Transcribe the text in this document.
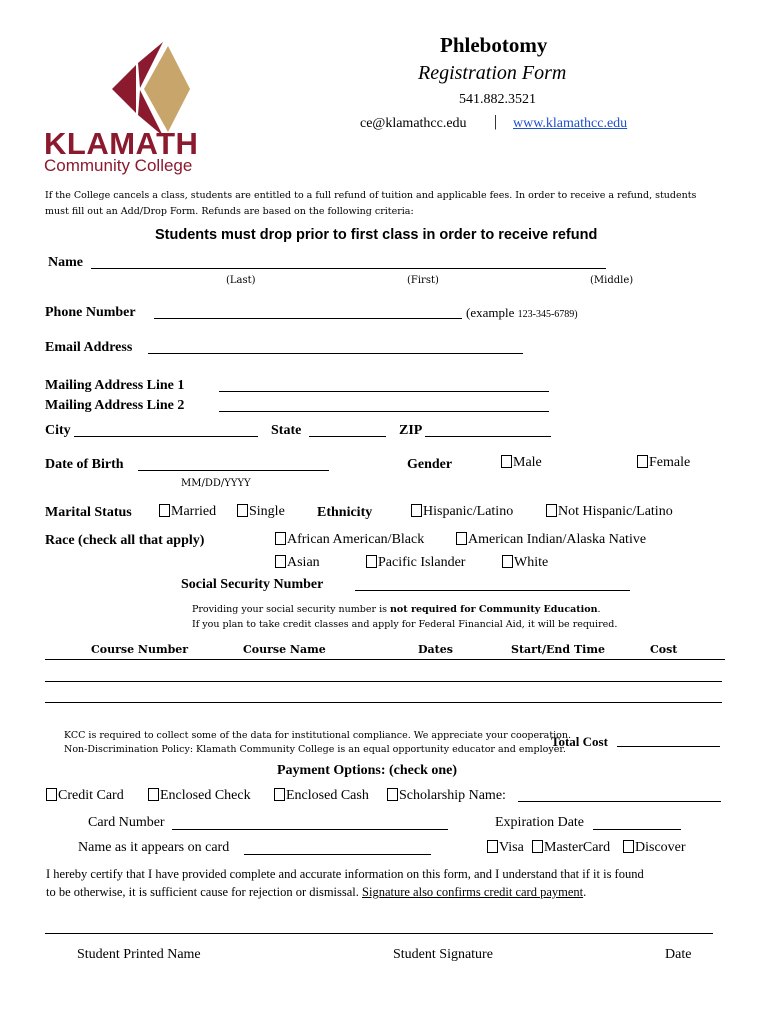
KLAMATH
Community College
Phlebotomy
Registration Form
541.882.3521
ce@klamathcc.edu | www.klamathcc.edu
If the College cancels a class, students are entitled to a full refund of tuition and applicable fees. In order to receive a refund, students must fill out an Add/Drop Form. Refunds are based on the following criteria:
Students must drop prior to first class in order to receive refund
Name
(Last)	(First)	(Middle)
Phone Number	(example 123-345-6789)
Email Address
Mailing Address Line 1
Mailing Address Line 2
City	State	ZIP
Date of Birth
MM/DD/YYYY
Gender	Male	Female
Marital Status	Married	Single Ethnicity	Hispanic/Latino	Not Hispanic/Latino
Race (check all that apply)	African American/Black	American Indian/Alaska Native
Asian	Pacific Islander	White
Social Security Number
Providing your social security number is not required for Community Education.
If you plan to take credit classes and apply for Federal Financial Aid, it will be required.
Course Number	Course Name	Dates	Start/End Time	Cost
KCC is required to collect some of the data for institutional compliance. We appreciate your cooperation.
Non-Discrimination Policy: Klamath Community College is an equal opportunity educator and employer.
Total Cost
Payment Options: (check one)
Credit Card	Enclosed Check	Enclosed Cash	Scholarship Name:
Card Number	Expiration Date
Name as it appears on card	Visa	MasterCard	Discover
I hereby certify that I have provided complete and accurate information on this form, and I understand that if it is found
to be otherwise, it is sufficient cause for rejection or dismissal. Signature also confirms credit card payment.
Student Printed Name	Student Signature	Date
